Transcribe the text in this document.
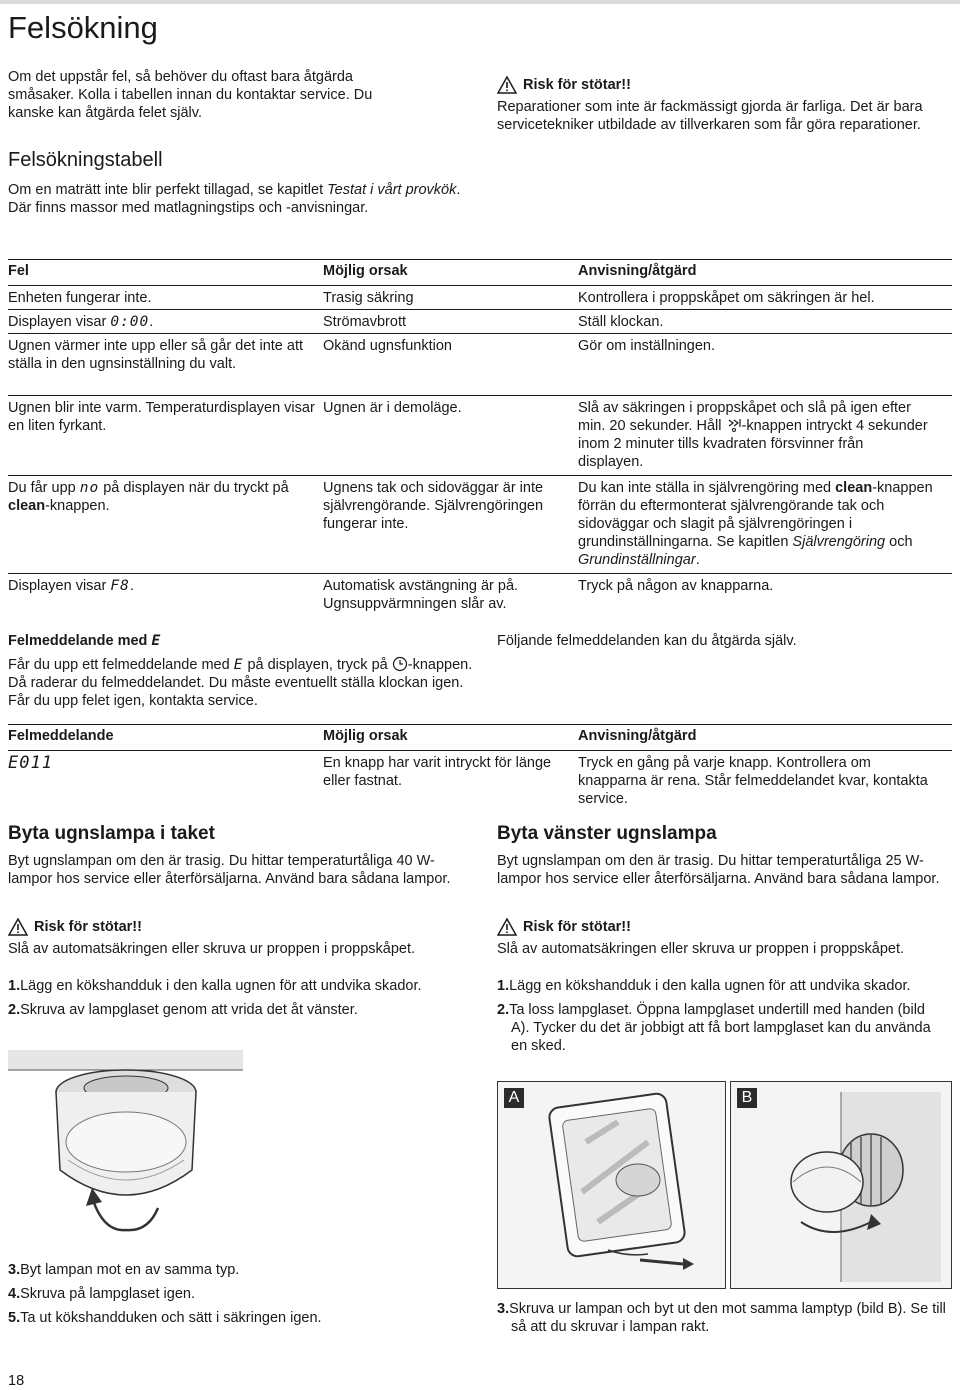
Felsökning

Om det uppstår fel, så behöver du oftast bara åtgärda småsaker. Kolla i tabellen innan du kontaktar service. Du kanske kan åtgärda felet själv.

Felsökningstabell

Om en maträtt inte blir perfekt tillagad, se kapitlet Testat i vårt provkök. Där finns massor med matlagningstips och -anvisningar.

Risk för stötar!!

Reparationer som inte är fackmässigt gjorda är farliga. Det är bara servicetekniker utbildade av tillverkaren som får göra reparationer.

Fel	Möjlig orsak	Anvisning/åtgärd
Enheten fungerar inte.	Trasig säkring	Kontrollera i proppskåpet om säkringen är hel.
Displayen visar 0:00.	Strömavbrott	Ställ klockan.
Ugnen värmer inte upp eller så går det inte att ställa in den ugnsinställning du valt.	Okänd ugnsfunktion	Gör om inställningen.
Ugnen blir inte varm. Temperaturdisplayen visar en liten fyrkant.	Ugnen är i demoläge.	Slå av säkringen i proppskåpet och slå på igen efter min. 20 sekunder. Håll -knappen intryckt 4 sekunder inom 2 minuter tills kvadraten försvinner från displayen.
Du får upp no på displayen när du tryckt på clean-knappen.	Ugnens tak och sidoväggar är inte självrengörande. Självrengöringen fungerar inte.	Du kan inte ställa in självrengöring med clean-knappen förrän du eftermonterat självrengörande tak och sidoväggar och slagit på självrengöringen i grundinställningarna. Se kapitlen Självrengöring och Grundinställningar.
Displayen visar F8.	Automatisk avstängning är på. Ugnsuppvärmningen slår av.	Tryck på någon av knapparna.

Felmeddelande med E

Får du upp ett felmeddelande med E på displayen, tryck på -knappen. Då raderar du felmeddelandet. Du måste eventuellt ställa klockan igen. Får du upp felet igen, kontakta service.

Följande felmeddelanden kan du åtgärda själv.

Felmeddelande	Möjlig orsak	Anvisning/åtgärd
E011	En knapp har varit intryckt för länge eller fastnat.	Tryck en gång på varje knapp. Kontrollera om knapparna är rena. Står felmeddelandet kvar, kontakta service.
Byta ugnslampa i taket

Byt ugnslampan om den är trasig. Du hittar temperaturtåliga 40 W-lampor hos service eller återförsäljarna. Använd bara sådana lampor.

Risk för stötar!!

Slå av automatsäkringen eller skruva ur proppen i proppskåpet.

1.Lägg en kökshandduk i den kalla ugnen för att undvika skador.
2.Skruva av lampglaset genom att vrida det åt vänster.
3.Byt lampan mot en av samma typ.
4.Skruva på lampglaset igen.
5.Ta ut kökshandduken och sätt i säkringen igen.
Byta vänster ugnslampa

Byt ugnslampan om den är trasig. Du hittar temperaturtåliga 25 W-lampor hos service eller återförsäljarna. Använd bara sådana lampor.

Risk för stötar!!

Slå av automatsäkringen eller skruva ur proppen i proppskåpet.

1.Lägg en kökshandduk i den kalla ugnen för att undvika skador.
2.Ta loss lampglaset. Öppna lampglaset undertill med handen (bild A). Tycker du det är jobbigt att få bort lampglaset kan du använda en sked.
A	B
3.Skruva ur lampan och byt ut den mot samma lamptyp (bild B). Se till så att du skruvar i lampan rakt.

18
